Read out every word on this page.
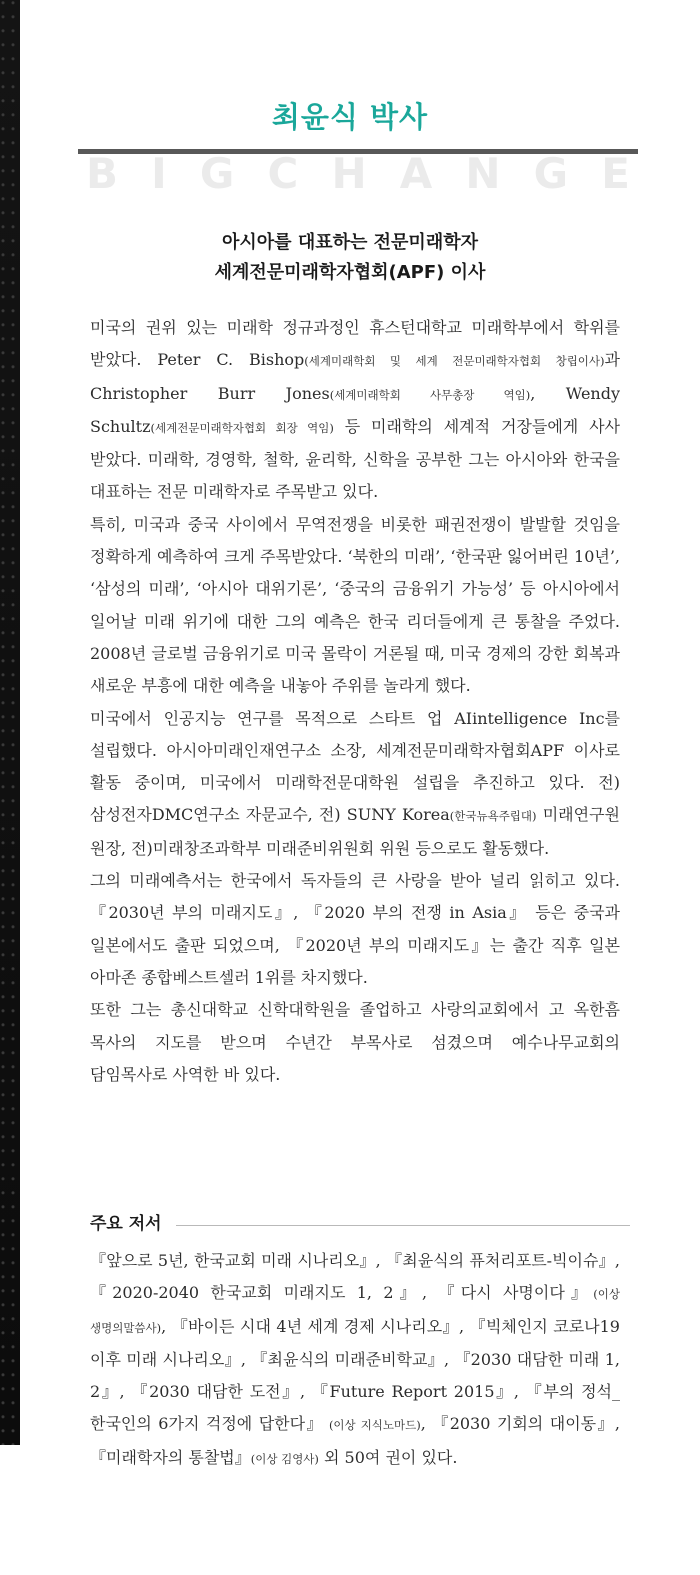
최윤식 박사
B I G C H A N G E
아시아를 대표하는 전문미래학자
세계전문미래학자협회(APF) 이사

미국의 권위 있는 미래학 정규과정인 휴스턴대학교 미래학부에서 학위를 받았다. Peter C. Bishop(세계미래학회 및 세계 전문미래학자협회 창립이사)과 Christopher Burr Jones(세계미래학회 사무총장 역임), Wendy Schultz(세계전문미래학자협회 회장 역임) 등 미래학의 세계적 거장들에게 사사 받았다. 미래학, 경영학, 철학, 윤리학, 신학을 공부한 그는 아시아와 한국을 대표하는 전문 미래학자로 주목받고 있다.

특히, 미국과 중국 사이에서 무역전쟁을 비롯한 패권전쟁이 발발할 것임을 정확하게 예측하여 크게 주목받았다. ‘북한의 미래’, ‘한국판 잃어버린 10년’, ‘삼성의 미래’, ‘아시아 대위기론’, ‘중국의 금융위기 가능성’ 등 아시아에서 일어날 미래 위기에 대한 그의 예측은 한국 리더들에게 큰 통찰을 주었다. 2008년 글로벌 금융위기로 미국 몰락이 거론될 때, 미국 경제의 강한 회복과 새로운 부흥에 대한 예측을 내놓아 주위를 놀라게 했다.

미국에서 인공지능 연구를 목적으로 스타트 업 AIintelligence Inc를 설립했다. 아시아미래인재연구소 소장, 세계전문미래학자협회APF 이사로 활동 중이며, 미국에서 미래학전문대학원 설립을 추진하고 있다. 전)삼성전자DMC연구소 자문교수, 전) SUNY Korea(한국뉴욕주립대) 미래연구원 원장, 전)미래창조과학부 미래준비위원회 위원 등으로도 활동했다.

그의 미래예측서는 한국에서 독자들의 큰 사랑을 받아 널리 읽히고 있다. 『2030년 부의 미래지도』, 『2020 부의 전쟁 in Asia』 등은 중국과 일본에서도 출판 되었으며, 『2020년 부의 미래지도』는 출간 직후 일본 아마존 종합베스트셀러 1위를 차지했다.

또한 그는 총신대학교 신학대학원을 졸업하고 사랑의교회에서 고 옥한흠 목사의 지도를 받으며 수년간 부목사로 섬겼으며 예수나무교회의 담임목사로 사역한 바 있다.

주요 저서

『앞으로 5년, 한국교회 미래 시나리오』, 『최윤식의 퓨처리포트-빅이슈』, 『2020-2040 한국교회 미래지도 1, 2』, 『다시 사명이다』(이상 생명의말씀사), 『바이든 시대 4년 세계 경제 시나리오』, 『빅체인지 코로나19 이후 미래 시나리오』, 『최윤식의 미래준비학교』, 『2030 대담한 미래 1, 2』, 『2030 대담한 도전』, 『Future Report 2015』, 『부의 정석_한국인의 6가지 걱정에 답한다』 (이상 지식노마드), 『2030 기회의 대이동』, 『미래학자의 통찰법』(이상 김영사) 외 50여 권이 있다.
